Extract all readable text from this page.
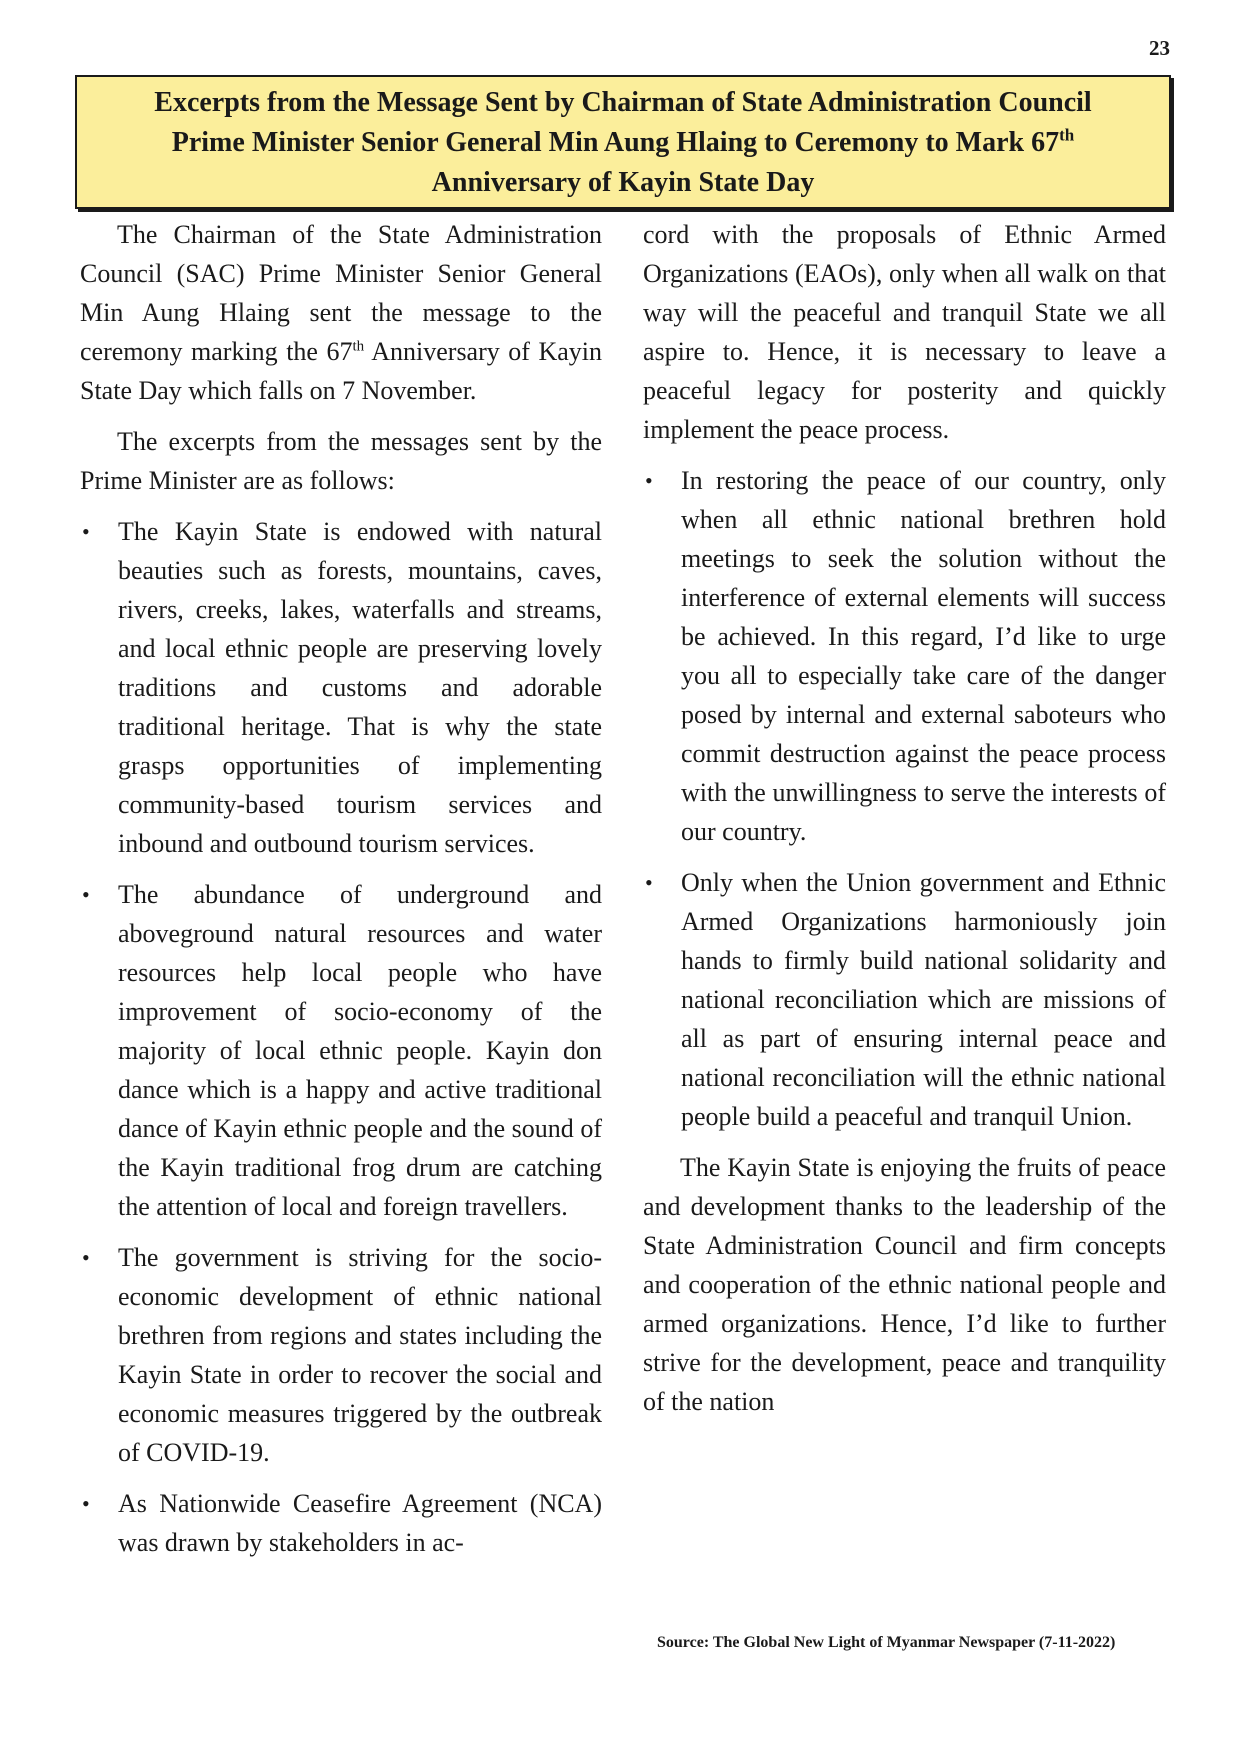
23
Excerpts from the Message Sent by Chairman of State Administration Council
Prime Minister Senior General Min Aung Hlaing to Ceremony to Mark 67th
Anniversary of Kayin State Day

The Chairman of the State Administration Council (SAC) Prime Minister Senior General Min Aung Hlaing sent the message to the ceremony marking the 67th Anniversary of Kayin State Day which falls on 7 November.

The excerpts from the messages sent by the Prime Minister are as follows:

• The Kayin State is endowed with natural beauties such as forests, mountains, caves, rivers, creeks, lakes, waterfalls and streams, and local ethnic people are preserving lovely traditions and customs and adorable traditional heritage. That is why the state grasps opportunities of implementing community-based tourism services and inbound and outbound tourism services.
• The abundance of underground and aboveground natural resources and water resources help local people who have improvement of socio-economy of the majority of local ethnic people. Kayin don dance which is a happy and active traditional dance of Kayin ethnic people and the sound of the Kayin traditional frog drum are catching the attention of local and foreign travellers.
• The government is striving for the socio-economic development of ethnic national brethren from regions and states including the Kayin State in order to recover the social and economic measures triggered by the outbreak of COVID-19.
• As Nationwide Ceasefire Agreement (NCA) was drawn by stakeholders in ac-

cord with the proposals of Ethnic Armed Organizations (EAOs), only when all walk on that way will the peaceful and tranquil State we all aspire to. Hence, it is necessary to leave a peaceful legacy for posterity and quickly implement the peace process.

• In restoring the peace of our country, only when all ethnic national brethren hold meetings to seek the solution without the interference of external elements will success be achieved. In this regard, I’d like to urge you all to especially take care of the danger posed by internal and external saboteurs who commit destruction against the peace process with the unwillingness to serve the interests of our country.
• Only when the Union government and Ethnic Armed Organizations harmoniously join hands to firmly build national solidarity and national reconciliation which are missions of all as part of ensuring internal peace and national reconciliation will the ethnic national people build a peaceful and tranquil Union.

The Kayin State is enjoying the fruits of peace and development thanks to the leadership of the State Administration Council and firm concepts and cooperation of the ethnic national people and armed organizations. Hence, I’d like to further strive for the development, peace and tranquility of the nation

Source: The Global New Light of Myanmar Newspaper (7-11-2022)
